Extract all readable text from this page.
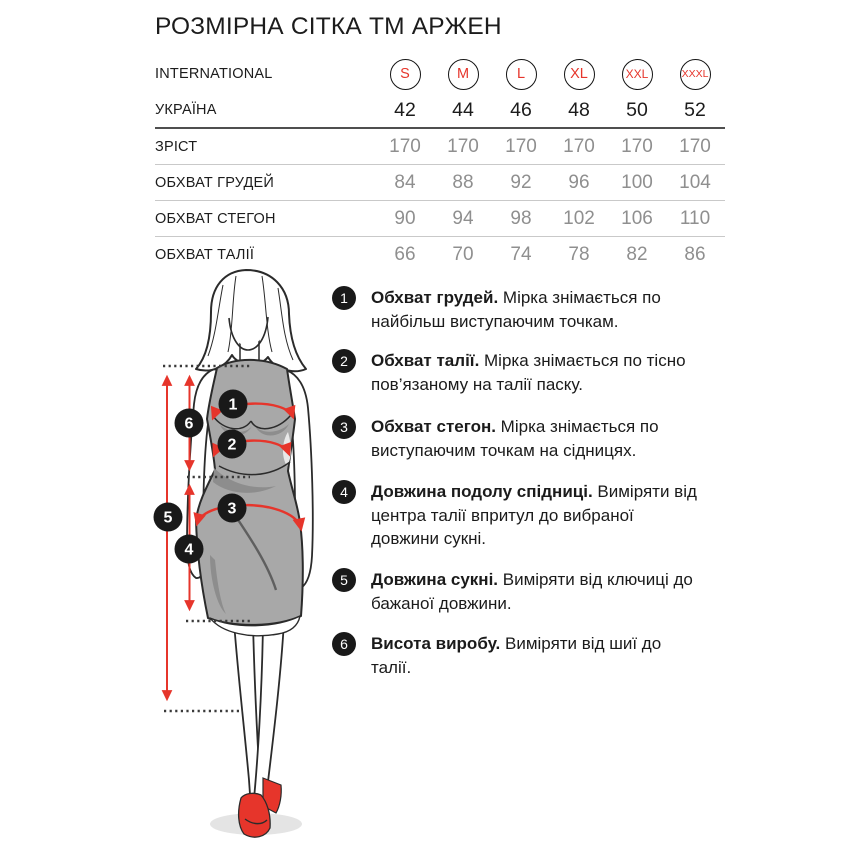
РОЗМІРНА СІТКА ТМ АРЖЕН
INTERNATIONAL	S	M	L	XL	XXL	XXXL
УКРАЇНА	42	44	46	48	50	52
ЗРІСТ	170	170	170	170	170	170
ОБХВАТ ГРУДЕЙ	84	88	92	96	100	104
ОБХВАТ СТЕГОН	90	94	98	102	106	110
ОБХВАТ ТАЛІЇ	66	70	74	78	82	86
1	Обхват грудей. Мірка знімається по найбільш виступаючим точкам.
2	Обхват талії. Мірка знімається по тісно пов’язаному на талії паску.
3	Обхват стегон. Мірка знімається по виступаючим точкам на сідницях.
4	Довжина подолу спідниці. Виміряти від центра талії впритул до вибраної довжини сукні.
5	Довжина сукні. Виміряти від ключиці до бажаної довжини.
6	Висота виробу. Виміряти від шиї до талії.
1
2
3
4
5
6
